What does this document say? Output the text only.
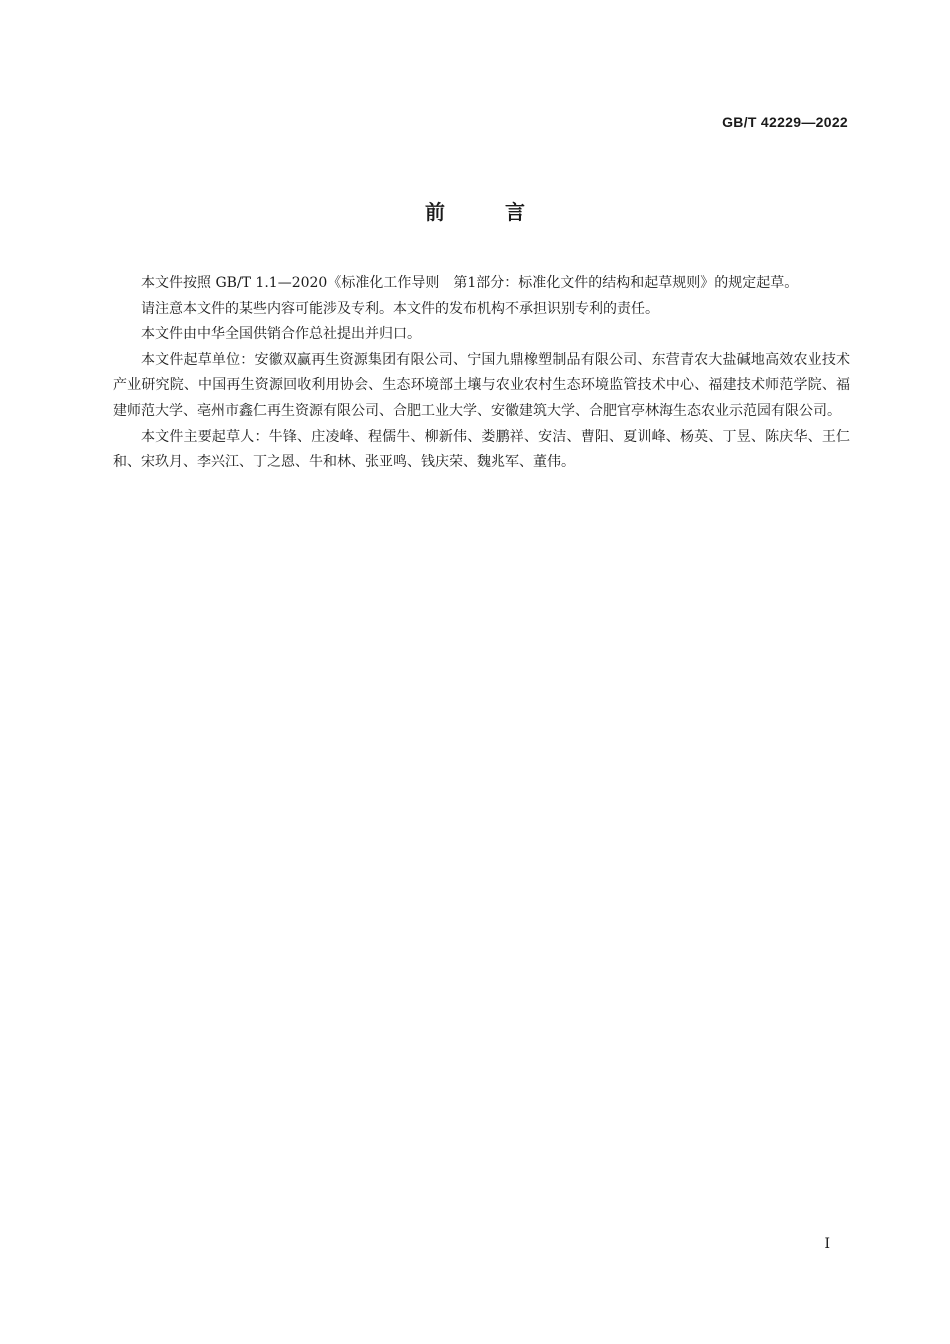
GB/T 42229—2022
前	言

本文件按照 GB/T 1.1—2020《标准化工作导则　第1部分：标准化文件的结构和起草规则》的规定起草。

请注意本文件的某些内容可能涉及专利。本文件的发布机构不承担识别专利的责任。

本文件由中华全国供销合作总社提出并归口。

本文件起草单位：安徽双赢再生资源集团有限公司、宁国九鼎橡塑制品有限公司、东营青农大盐碱地高效农业技术产业研究院、中国再生资源回收利用协会、生态环境部土壤与农业农村生态环境监管技术中心、福建技术师范学院、福建师范大学、亳州市鑫仁再生资源有限公司、合肥工业大学、安徽建筑大学、合肥官亭林海生态农业示范园有限公司。

本文件主要起草人：牛锋、庄凌峰、程儒牛、柳新伟、娄鹏祥、安洁、曹阳、夏训峰、杨英、丁昱、陈庆华、王仁和、宋玖月、李兴江、丁之恩、牛和林、张亚鸣、钱庆荣、魏兆军、董伟。

I
